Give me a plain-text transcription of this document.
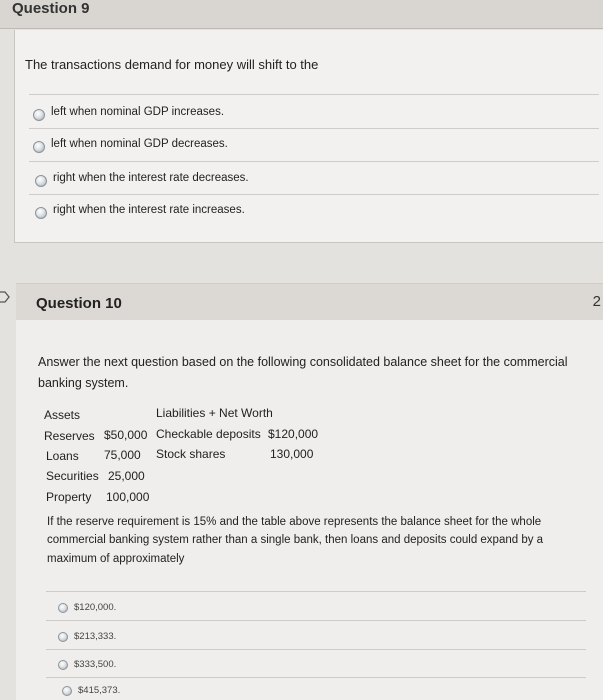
Question 9
The transactions demand for money will shift to the
left when nominal GDP increases.
left when nominal GDP decreases.
right when the interest rate decreases.
right when the interest rate increases.
Question 10	2
Answer the next question based on the following consolidated balance sheet for the commercial
banking system.
Assets	Liabilities + Net Worth
Reserves $50,000 Checkable deposits $120,000
Loans 75,000 Stock shares	130,000
Securities 25,000
Property 100,000
If the reserve requirement is 15% and the table above represents the balance sheet for the whole
commercial banking system rather than a single bank, then loans and deposits could expand by a
maximum of approximately
$120,000.
$213,333.
$333,500.
$415,373.
